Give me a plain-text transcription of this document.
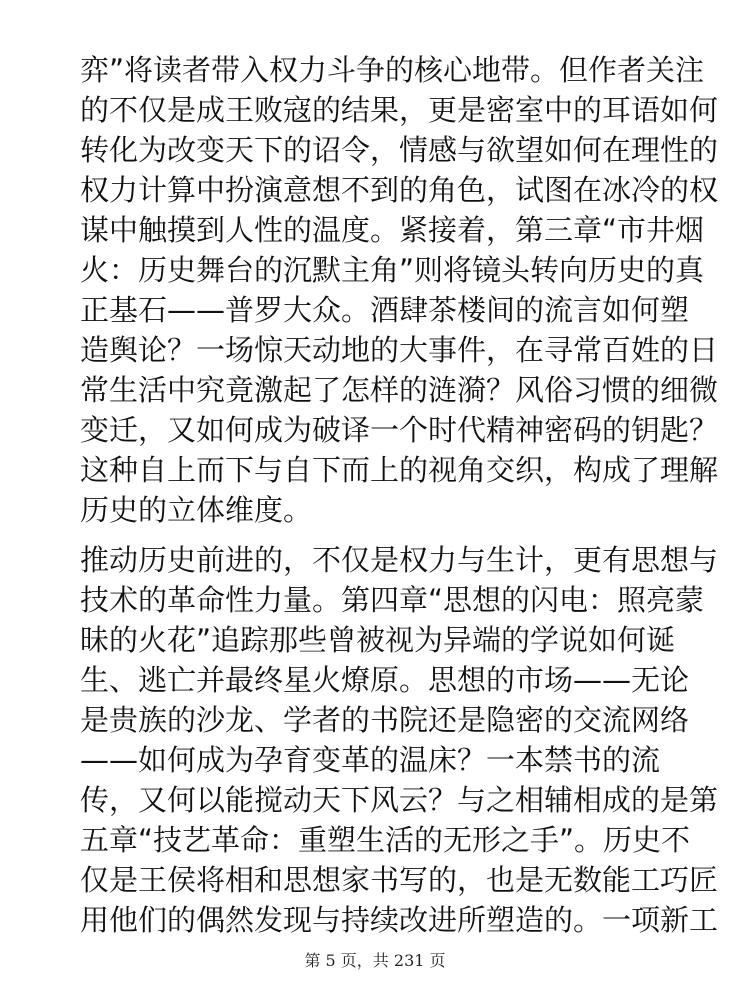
弈”将读者带入权力斗争的核心地带。但作者关注
的不仅是成王败寇的结果，更是密室中的耳语如何
转化为改变天下的诏令，情感与欲望如何在理性的
权力计算中扮演意想不到的角色，试图在冰冷的权
谋中触摸到人性的温度。紧接着，第三章“市井烟
火：历史舞台的沉默主角”则将镜头转向历史的真
正基石——普罗大众。酒肆茶楼间的流言如何塑
造舆论？一场惊天动地的大事件，在寻常百姓的日
常生活中究竟激起了怎样的涟漪？风俗习惯的细微
变迁，又如何成为破译一个时代精神密码的钥匙？
这种自上而下与自下而上的视角交织，构成了理解
历史的立体维度。

推动历史前进的，不仅是权力与生计，更有思想与
技术的革命性力量。第四章“思想的闪电：照亮蒙
昧的火花”追踪那些曾被视为异端的学说如何诞
生、逃亡并最终星火燎原。思想的市场——无论
是贵族的沙龙、学者的书院还是隐密的交流网络
——如何成为孕育变革的温床？一本禁书的流
传，又何以能搅动天下风云？与之相辅相成的是第
五章“技艺革命：重塑生活的无形之手”。历史不
仅是王侯将相和思想家书写的，也是无数能工巧匠
用他们的偶然发现与持续改进所塑造的。一项新工

第 5 页，共 231 页
